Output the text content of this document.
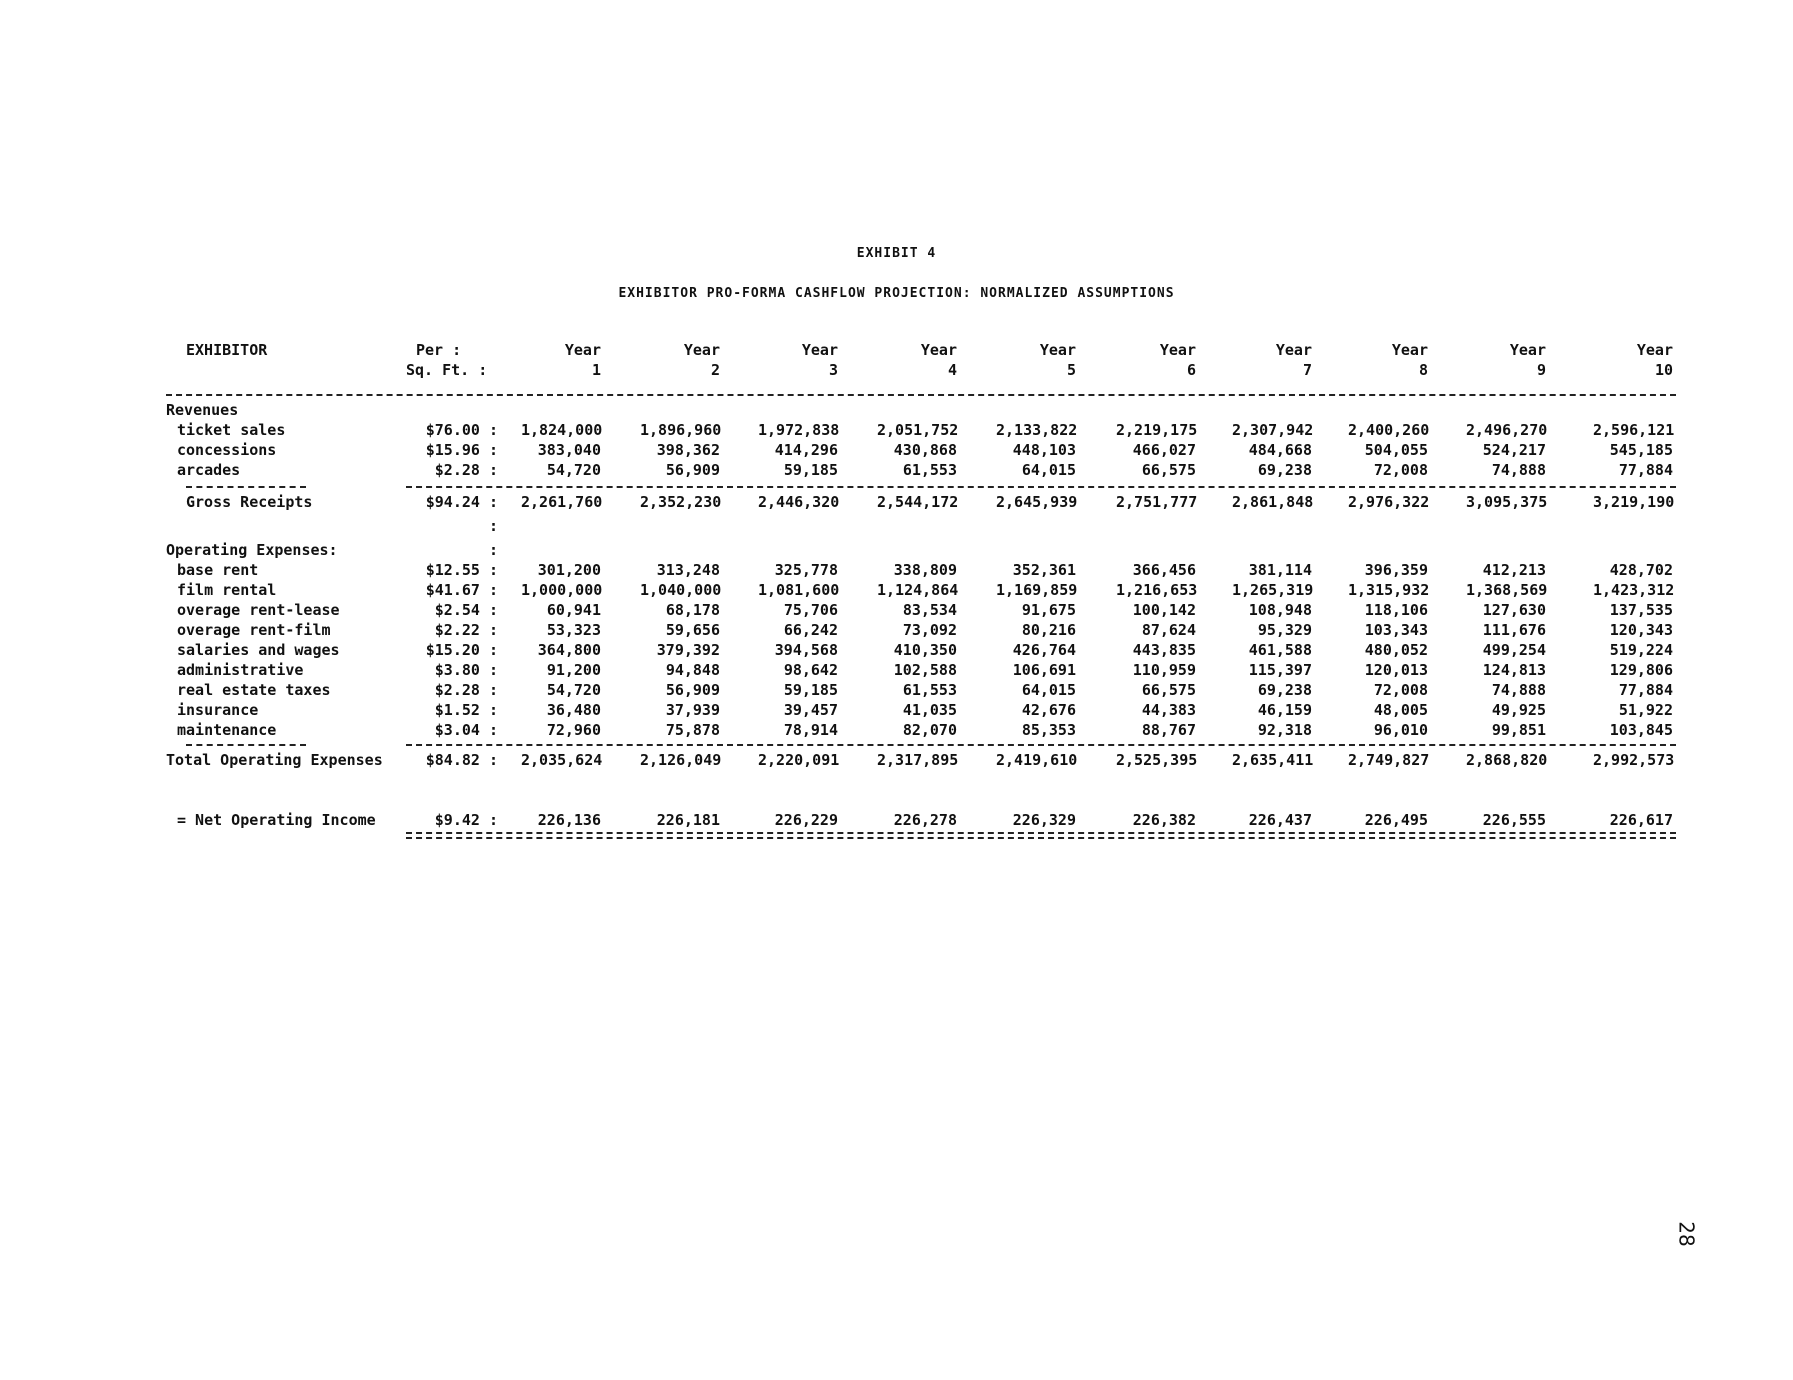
EXHIBIT 4
EXHIBITOR PRO-FORMA CASHFLOW PROJECTION: NORMALIZED ASSUMPTIONS
EXHIBITOR	Per :	Year	Year	Year	Year	Year	Year	Year	Year	Year	Year
Sq. Ft. :	1	2	3	4	5	6	7	8	9	10
Revenues
ticket sales	$76.00 : 1,824,000	1,896,960 1,972,838	2,051,752	2,133,822	2,219,175 2,307,942 2,400,260 2,496,270	2,596,121
concessions	$15.96 :	383,040	398,362	414,296	430,868	448,103	466,027	484,668	504,055	524,217	545,185
arcades	$2.28 :	54,720	56,909	59,185	61,553	64,015	66,575	69,238	72,008	74,888	77,884
Gross Receipts	$94.24 : 2,261,760	2,352,230 2,446,320	2,544,172	2,645,939	2,751,777 2,861,848 2,976,322 3,095,375	3,219,190
:
Operating Expenses:	:
base rent	$12.55 :	301,200	313,248	325,778	338,809	352,361	366,456	381,114	396,359	412,213	428,702
film rental	$41.67 : 1,000,000	1,040,000 1,081,600	1,124,864	1,169,859	1,216,653 1,265,319 1,315,932 1,368,569	1,423,312
overage rent-lease	$2.54 :	60,941	68,178	75,706	83,534	91,675	100,142	108,948	118,106	127,630	137,535
overage rent-film	$2.22 :	53,323	59,656	66,242	73,092	80,216	87,624	95,329	103,343	111,676	120,343
salaries and wages	$15.20 :	364,800	379,392	394,568	410,350	426,764	443,835	461,588	480,052	499,254	519,224
administrative	$3.80 :	91,200	94,848	98,642	102,588	106,691	110,959	115,397	120,013	124,813	129,806
real estate taxes	$2.28 :	54,720	56,909	59,185	61,553	64,015	66,575	69,238	72,008	74,888	77,884
insurance	$1.52 :	36,480	37,939	39,457	41,035	42,676	44,383	46,159	48,005	49,925	51,922
maintenance	$3.04 :	72,960	75,878	78,914	82,070	85,353	88,767	92,318	96,010	99,851	103,845
Total Operating Expenses	$84.82 : 2,035,624	2,126,049 2,220,091	2,317,895	2,419,610	2,525,395 2,635,411 2,749,827 2,868,820	2,992,573
= Net Operating Income	$9.42 :	226,136	226,181	226,229	226,278	226,329	226,382	226,437	226,495	226,555	226,617
28
